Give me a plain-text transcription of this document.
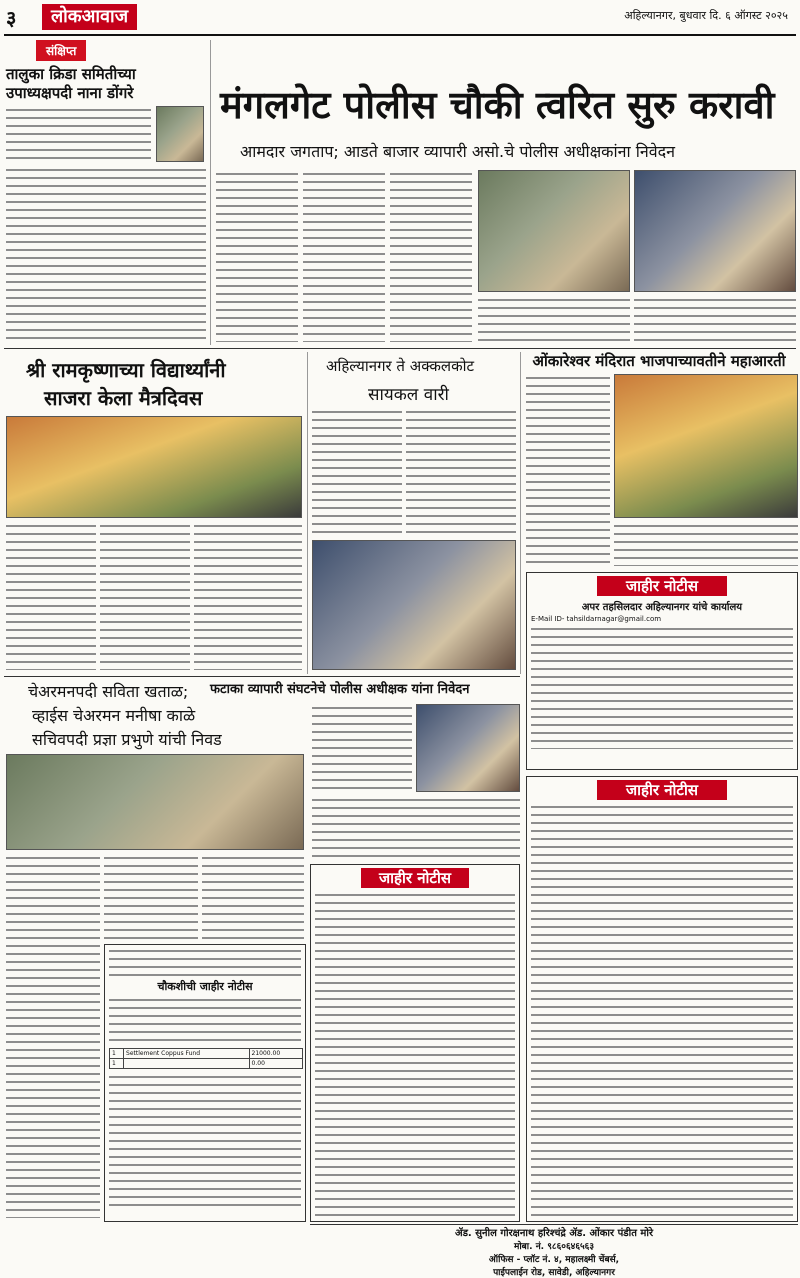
३	लोकआवाज	अहिल्यानगर, बुधवार दि. ६ ऑगस्ट २०२५
संक्षिप्त
तालुका क्रिडा समितीच्या उपाध्यक्षपदी नाना डोंगरे	मंगलगेट पोलीस चौकी त्वरित सुरु करावी
आमदार जगताप; आडते बाजार व्यापारी असो.चे पोलीस अधीक्षकांना निवेदन
श्री रामकृष्णाच्या विद्यार्थ्यांनी
साजरा केला मैत्रदिवस
अहिल्यानगर ते अक्कलकोट
सायकल वारी
ओंकारेश्वर मंदिरात भाजपाच्यावतीने महाआरती
जाहीर नोटीस
अपर तहसिलदार अहिल्यानगर यांचे कार्यालय
E-Mail ID- tahsildarnagar@gmail.com
चेअरमनपदी सविता खताळ;
व्हाईस चेअरमन मनीषा काळे
सचिवपदी प्रज्ञा प्रभुणे यांची निवड
फटाका व्यापारी संघटनेचे पोलीस अधीक्षक यांना निवेदन
जाहीर नोटीस
चौकशीची जाहीर नोटीस
1	Settlement Coppus Fund	21000.00
1		0.00
जाहीर नोटीस
ॲड. सुनील गोरक्षनाथ हरिश्चंद्रे ॲड. ओंकार पंडीत मोरे
मोबा. नं. ९८६०६४६५६३
ऑफिस - प्लॉट नं. ४, महालक्ष्मी चेंबर्स,
पाईपलाईन रोड, सावेडी, अहिल्यानगर
